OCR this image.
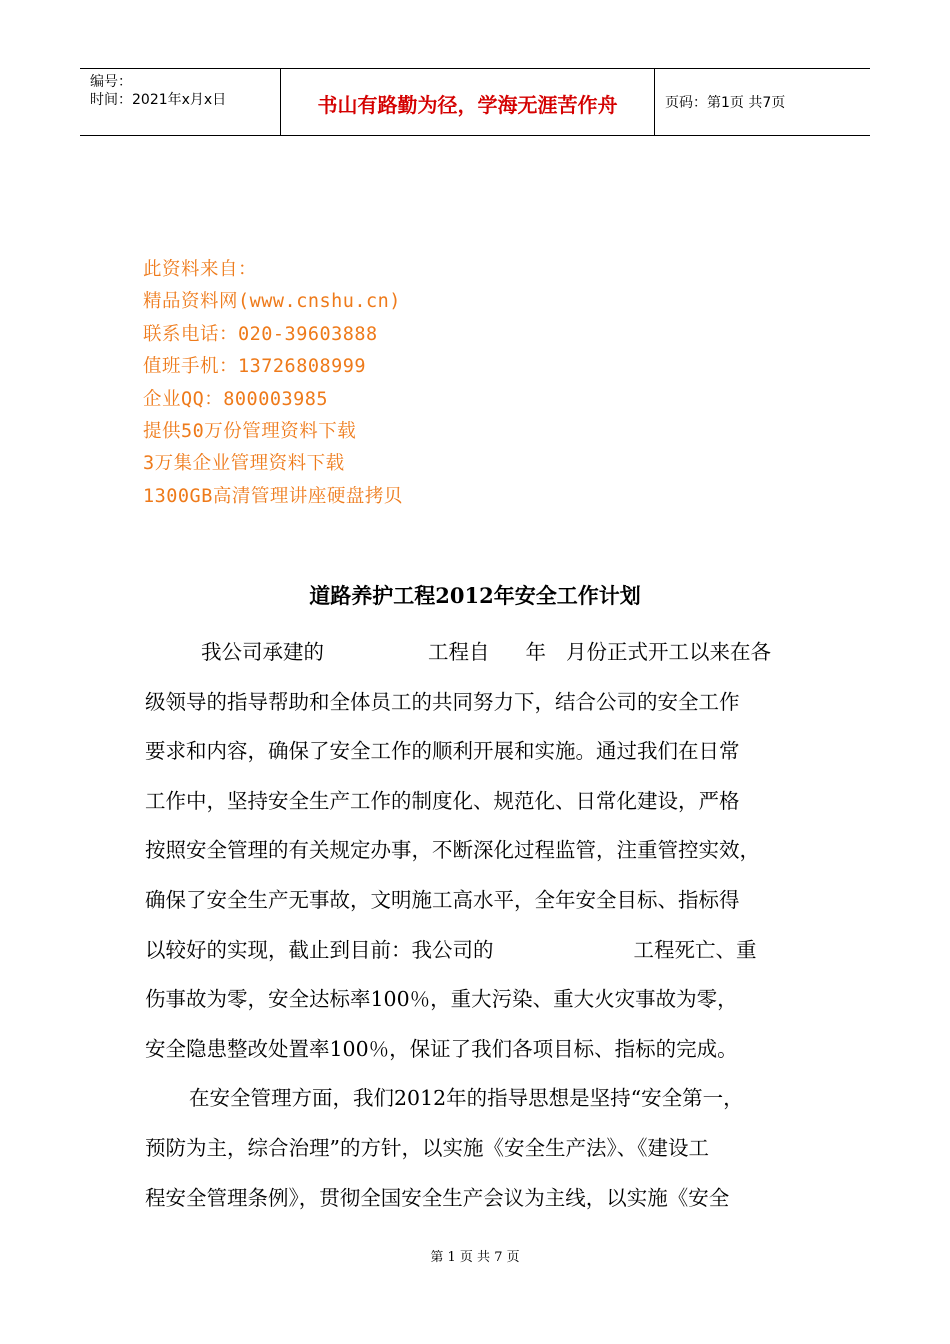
编号：
时间：2021年x月x日	书山有路勤为径，学海无涯苦作舟	页码：第1页 共7页
此资料来自：
精品资料网(www.cnshu.cn)
联系电话：020-39603888
值班手机：13726808999
企业QQ：800003985
提供50万份管理资料下载
3万集企业管理资料下载
1300GB高清管理讲座硬盘拷贝
道路养护工程2012年安全工作计划
我公司承建的	工程自 年 月份正式开工以来在各
级领导的指导帮助和全体员工的共同努力下，结合公司的安全工作
要求和内容，确保了安全工作的顺利开展和实施。通过我们在日常
工作中，坚持安全生产工作的制度化、规范化、日常化建设，严格
按照安全管理的有关规定办事，不断深化过程监管，注重管控实效，
确保了安全生产无事故，文明施工高水平，全年安全目标、指标得
以较好的实现，截止到目前：我公司的	工程死亡、重
伤事故为零，安全达标率100％，重大污染、重大火灾事故为零，
安全隐患整改处置率100％，保证了我们各项目标、指标的完成。
在安全管理方面，我们2012年的指导思想是坚持“安全第一，
预防为主，综合治理”的方针，以实施《安全生产法》、《建设工
程安全管理条例》，贯彻全国安全生产会议为主线，以实施《安全
第 1 页 共 7 页
